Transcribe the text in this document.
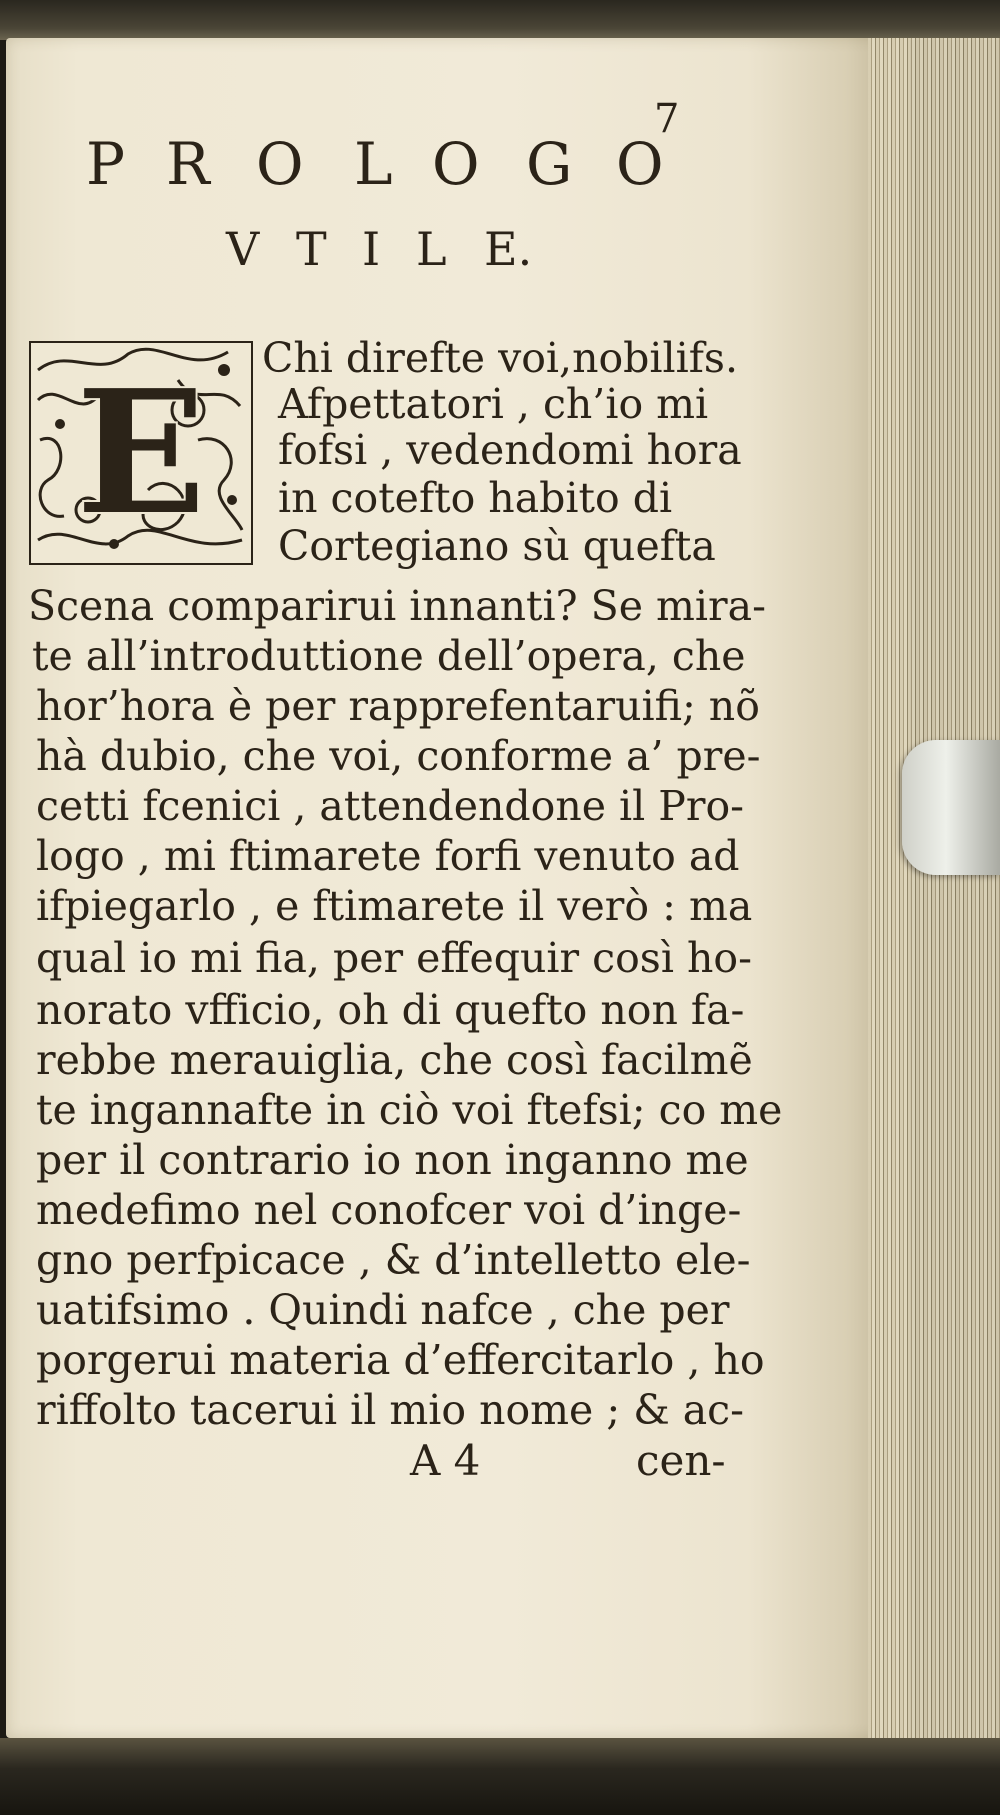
P R O L O G O
7
V T I L E.
E Chi direfte voi,nobilifs.
Afpettatori , ch’io mi
fofsi , vedendomi hora
in cotefto habito di
Cortegiano sù quefta
Scena comparirui innanti? Se mira-
te all’introduttione dell’opera, che
hor’hora è per rapprefentaruifi; nõ
hà dubio, che voi, conforme a’ pre-
cetti fcenici , attendendone il Pro-
logo , mi ftimarete forfi venuto ad
ifpiegarlo , e ftimarete il verò : ma
qual io mi fia, per effequir così ho-
norato vfficio, oh di quefto non fa-
rebbe merauiglia, che così facilmẽ
te ingannafte in ciò voi ftefsi; co me
per il contrario io non inganno me
medefimo nel conofcer voi d’inge-
gno perfpicace , & d’intelletto ele-
uatifsimo . Quindi nafce , che per
porgerui materia d’effercitarlo , ho
riffolto tacerui il mio nome ; & ac-
A 4	cen-
